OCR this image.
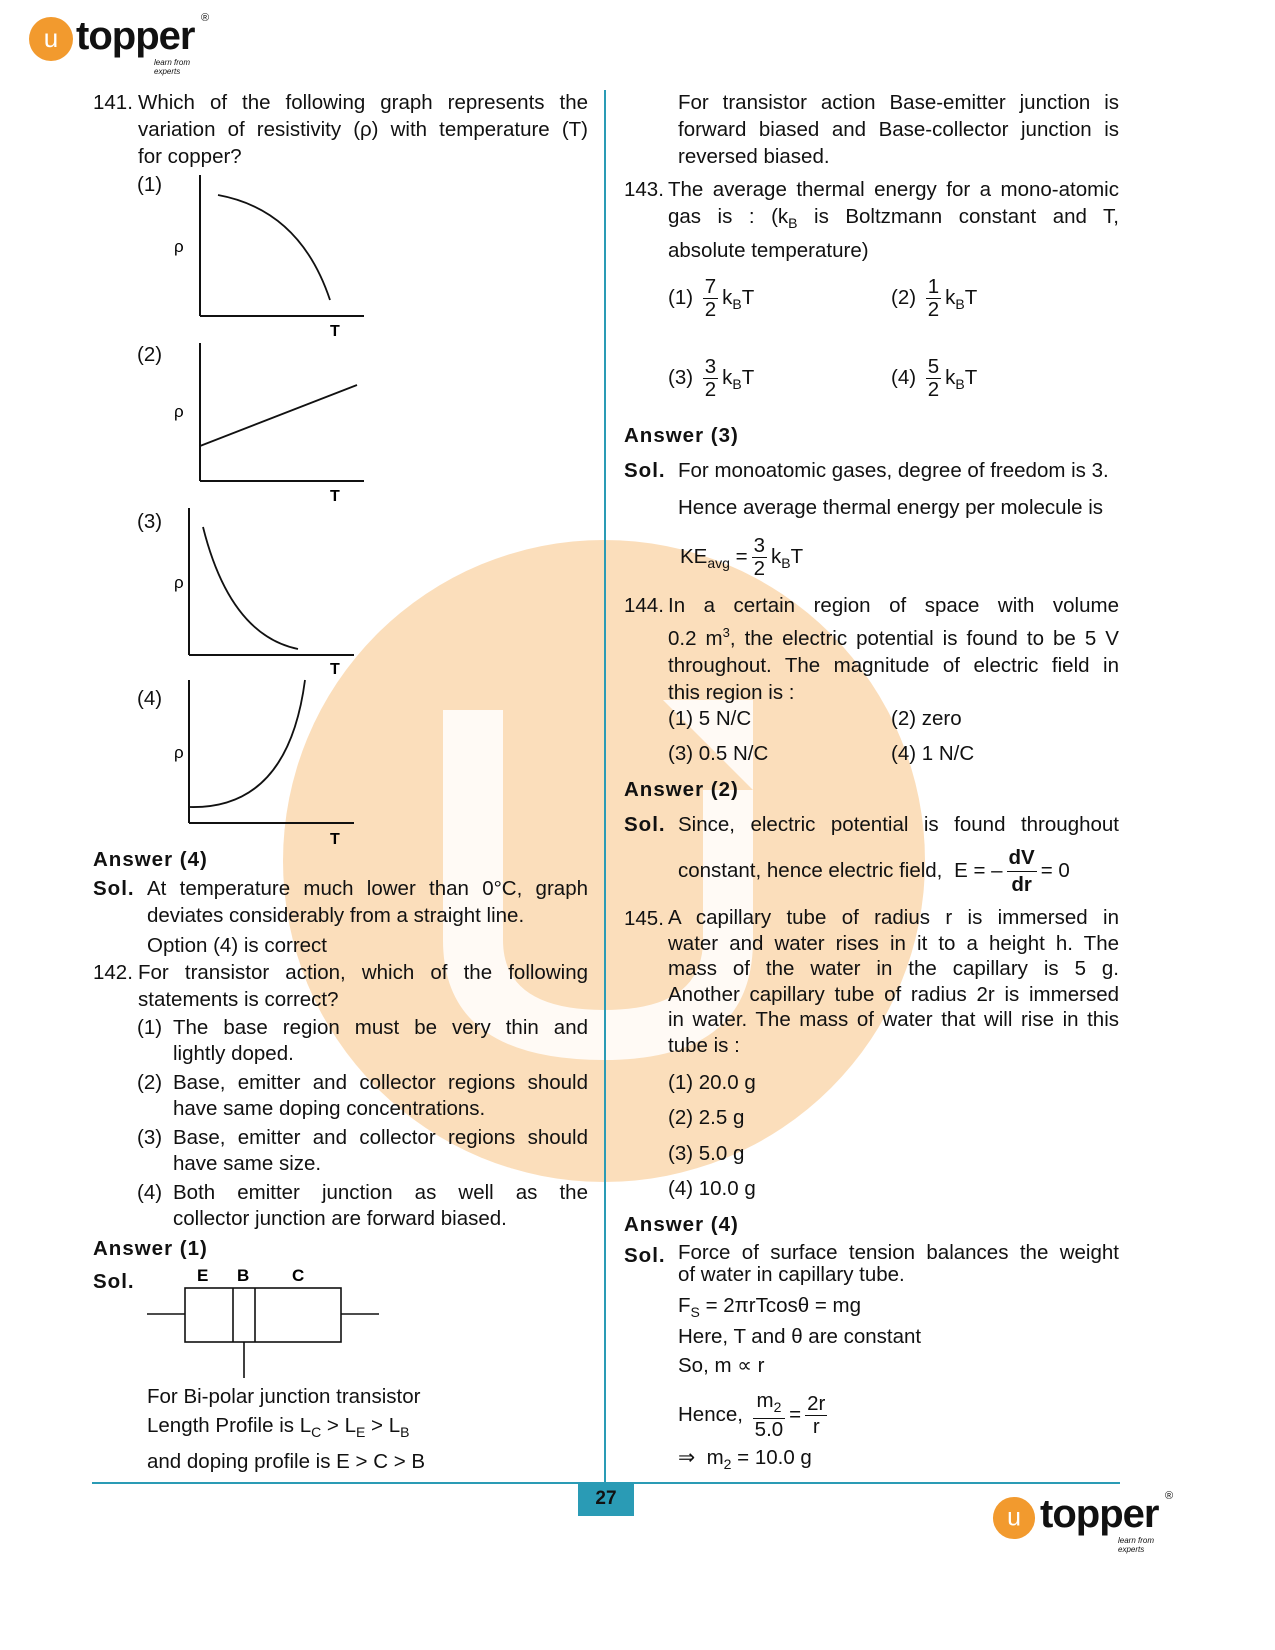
u topper ®
learn from experts
27
u topper ®
learn from experts
141. Which of the following graph represents the
variation of resistivity (ρ) with temperature (T)
for copper?
(1)
(2)
(3)
(4)
ρ
T
ρ
T
ρ
T
ρ
T
Answer (4)
Sol. At temperature much lower than 0°C, graph
deviates considerably from a straight line.
Option (4) is correct
142. For transistor action, which of the following
statements is correct?
(1) The base region must be very thin and
lightly doped.
(2) Base, emitter and collector regions should
have same doping concentrations.
(3) Base, emitter and collector regions should
have same size.
(4) Both emitter junction as well as the
collector junction are forward biased.
Answer (1)
Sol.	E B	C
For Bi-polar junction transistor
Length Profile is $L_C > L_E > L_B$
and doping profile is E > C > B
For transistor action Base-emitter junction is
forward biased and Base-collector junction is
reversed biased.
143. The average thermal energy for a mono-atomic
gas is : ($k_B$ is Boltzmann constant and T,
absolute temperature)
$(1) \frac{7}{2} k_BT$	$(2) \frac{1}{2} k_BT$
$(3) \frac{3}{2} k_BT$	$(4) \frac{5}{2} k_BT$
Answer (3)
Sol. For monoatomic gases, degree of freedom is 3.
Hence average thermal energy per molecule is
$KE_{avg} = \frac{3}{2} k_BT$
144. In a certain region of space with volume
0.2 $m^3$, the electric potential is found to be 5 V
throughout. The magnitude of electric field in
this region is :
(1) 5 N/C	(2) zero
(3) 0.5 N/C	(4) 1 N/C
Answer (2)
Sol. Since, electric potential is found throughout
constant, hence electric field, E = – $\frac{dV}{dr} = 0$
145. A capillary tube of radius r is immersed in
water and water rises in it to a height h. The
mass of the water in the capillary is 5 g.
Another capillary tube of radius 2r is immersed
in water. The mass of water that will rise in this
tube is :
(1) 20.0 g
(2) 2.5 g
(3) 5.0 g
(4) 10.0 g
Answer (4)
Sol. Force of surface tension balances the weight
of water in capillary tube.
$F_S = 2\pi rTcos\theta$ = mg
Here, T and θ are constant
So, m ∝ r
Hence, $\frac{m_2}{5.0} = \frac{2r}{r}$
⇒  $m_2 = 10.0$ g
